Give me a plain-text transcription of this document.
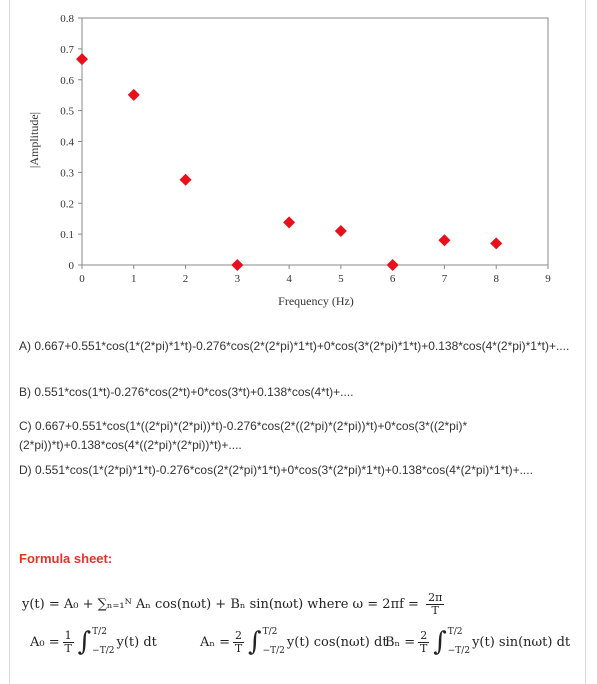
0
0.1
0.2
0.3
0.4
0.5
0.6
0.7
0.8
0	1	2	3	4	5	6	7	8	9
Frequency (Hz)
|Amplitude|
A) 0.667+0.551*cos(1*(2*pi)*1*t)-0.276*cos(2*(2*pi)*1*t)+0*cos(3*(2*pi)*1*t)+0.138*cos(4*(2*pi)*1*t)+....
B) 0.551*cos(1*t)-0.276*cos(2*t)+0*cos(3*t)+0.138*cos(4*t)+....
C) 0.667+0.551*cos(1*((2*pi)*(2*pi))*t)-0.276*cos(2*((2*pi)*(2*pi))*t)+0*cos(3*((2*pi)*(2*pi))*t)+0.138*cos(4*((2*pi)*(2*pi))*t)+....
D) 0.551*cos(1*(2*pi)*1*t)-0.276*cos(2*(2*pi)*1*t)+0*cos(3*(2*pi)*1*t)+0.138*cos(4*(2*pi)*1*t)+....
Formula sheet:
y(t) = A₀ + ∑ₙ₌₁ᴺ Aₙ cos(nωt) + Bₙ sin(nωt) where $\omega = 2\pi f = \frac{2\pi}{T}$
$A_0 = \frac{1}{T}$ ∫ T/2
−T/2
y(t) dt	$A_n = \frac{2}{T}$ ∫ T/2
−T/2
y(t) cos(nωt) dt
$B_n = \frac{2}{T}$ ∫ T/2
−T/2
y(t) sin(nωt) dt
